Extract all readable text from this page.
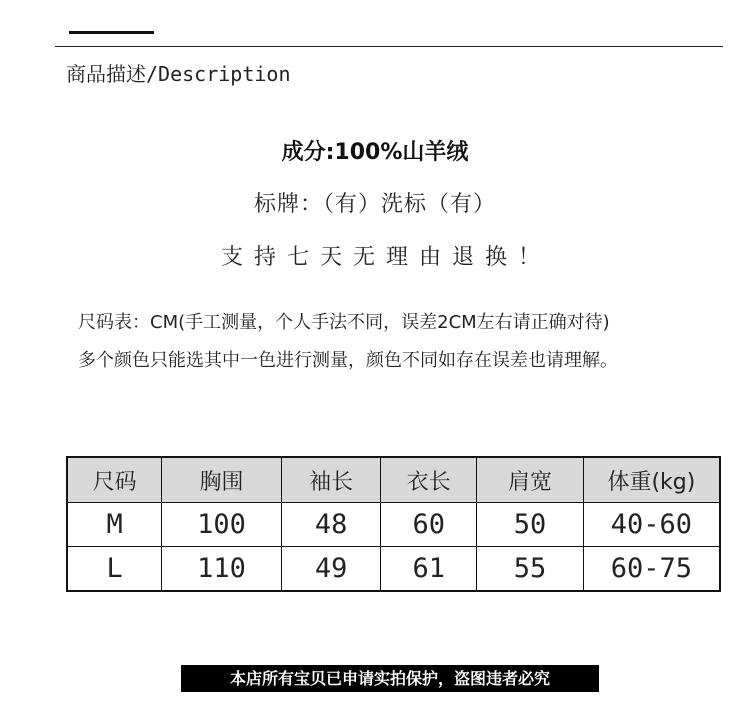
商品描述/Description
成分:100%山羊绒
标牌：（有）洗标（有）
支持七天无理由退换！
尺码表：CM(手工测量，个人手法不同，误差2CM左右请正确对待)
多个颜色只能选其中一色进行测量，颜色不同如存在误差也请理解。
尺码	胸围	袖长	衣长	肩宽	体重(kg)
M	100	48	60	50	40-60
L	110	49	61	55	60-75
本店所有宝贝已申请实拍保护，盗图违者必究
